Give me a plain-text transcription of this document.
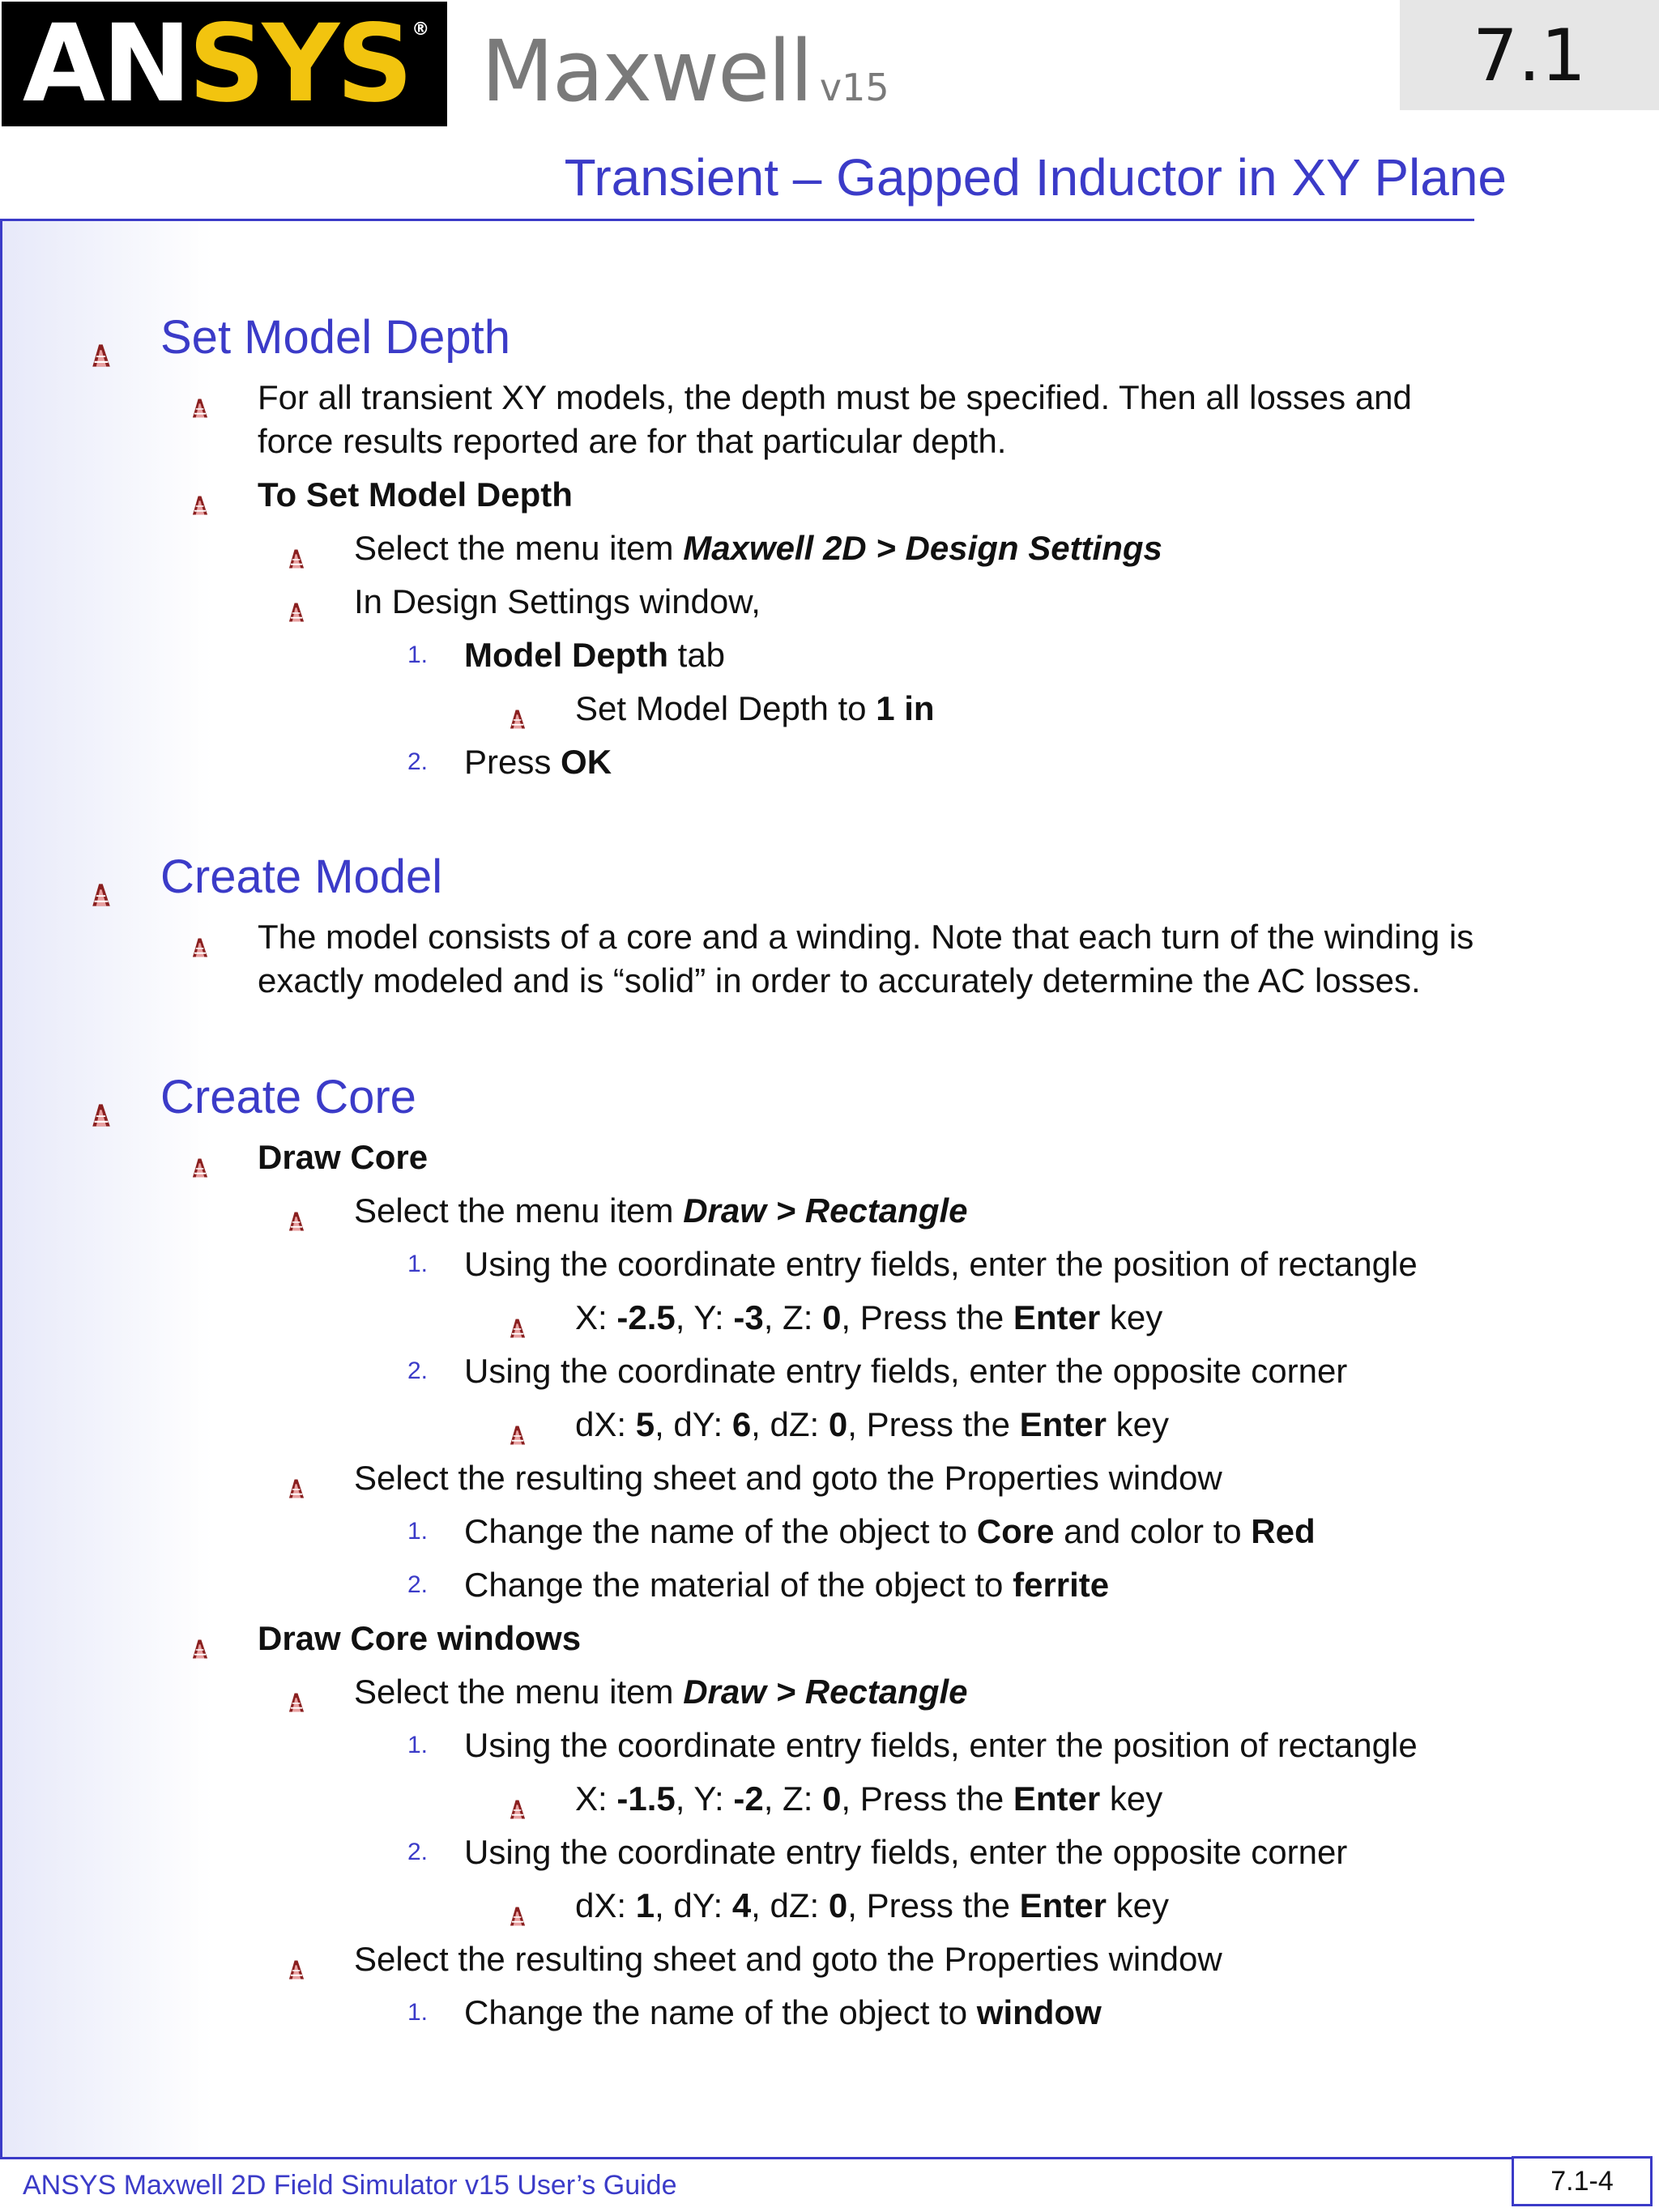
AN SYS ® Maxwell v15	7.1
Transient – Gapped Inductor in XY Plane
Set Model Depth
For all transient XY models, the depth must be specified. Then all losses and
force results reported are for that particular depth.
To Set Model Depth
Select the menu item Maxwell 2D > Design Settings
In Design Settings window,
1. Model Depth tab
Set Model Depth to 1 in
2. Press OK
Create Model
The model consists of a core and a winding. Note that each turn of the winding is
exactly modeled and is “solid” in order to accurately determine the AC losses.
Create Core
Draw Core
Select the menu item Draw > Rectangle
1. Using the coordinate entry fields, enter the position of rectangle
X: -2.5, Y: -3, Z: 0, Press the Enter key
2. Using the coordinate entry fields, enter the opposite corner
dX: 5, dY: 6, dZ: 0, Press the Enter key
Select the resulting sheet and goto the Properties window
1. Change the name of the object to Core and color to Red
2. Change the material of the object to ferrite
Draw Core windows
Select the menu item Draw > Rectangle
1. Using the coordinate entry fields, enter the position of rectangle
X: -1.5, Y: -2, Z: 0, Press the Enter key
2. Using the coordinate entry fields, enter the opposite corner
dX: 1, dY: 4, dZ: 0, Press the Enter key
Select the resulting sheet and goto the Properties window
1. Change the name of the object to window
ANSYS Maxwell 2D Field Simulator v15 User’s Guide	7.1-4
